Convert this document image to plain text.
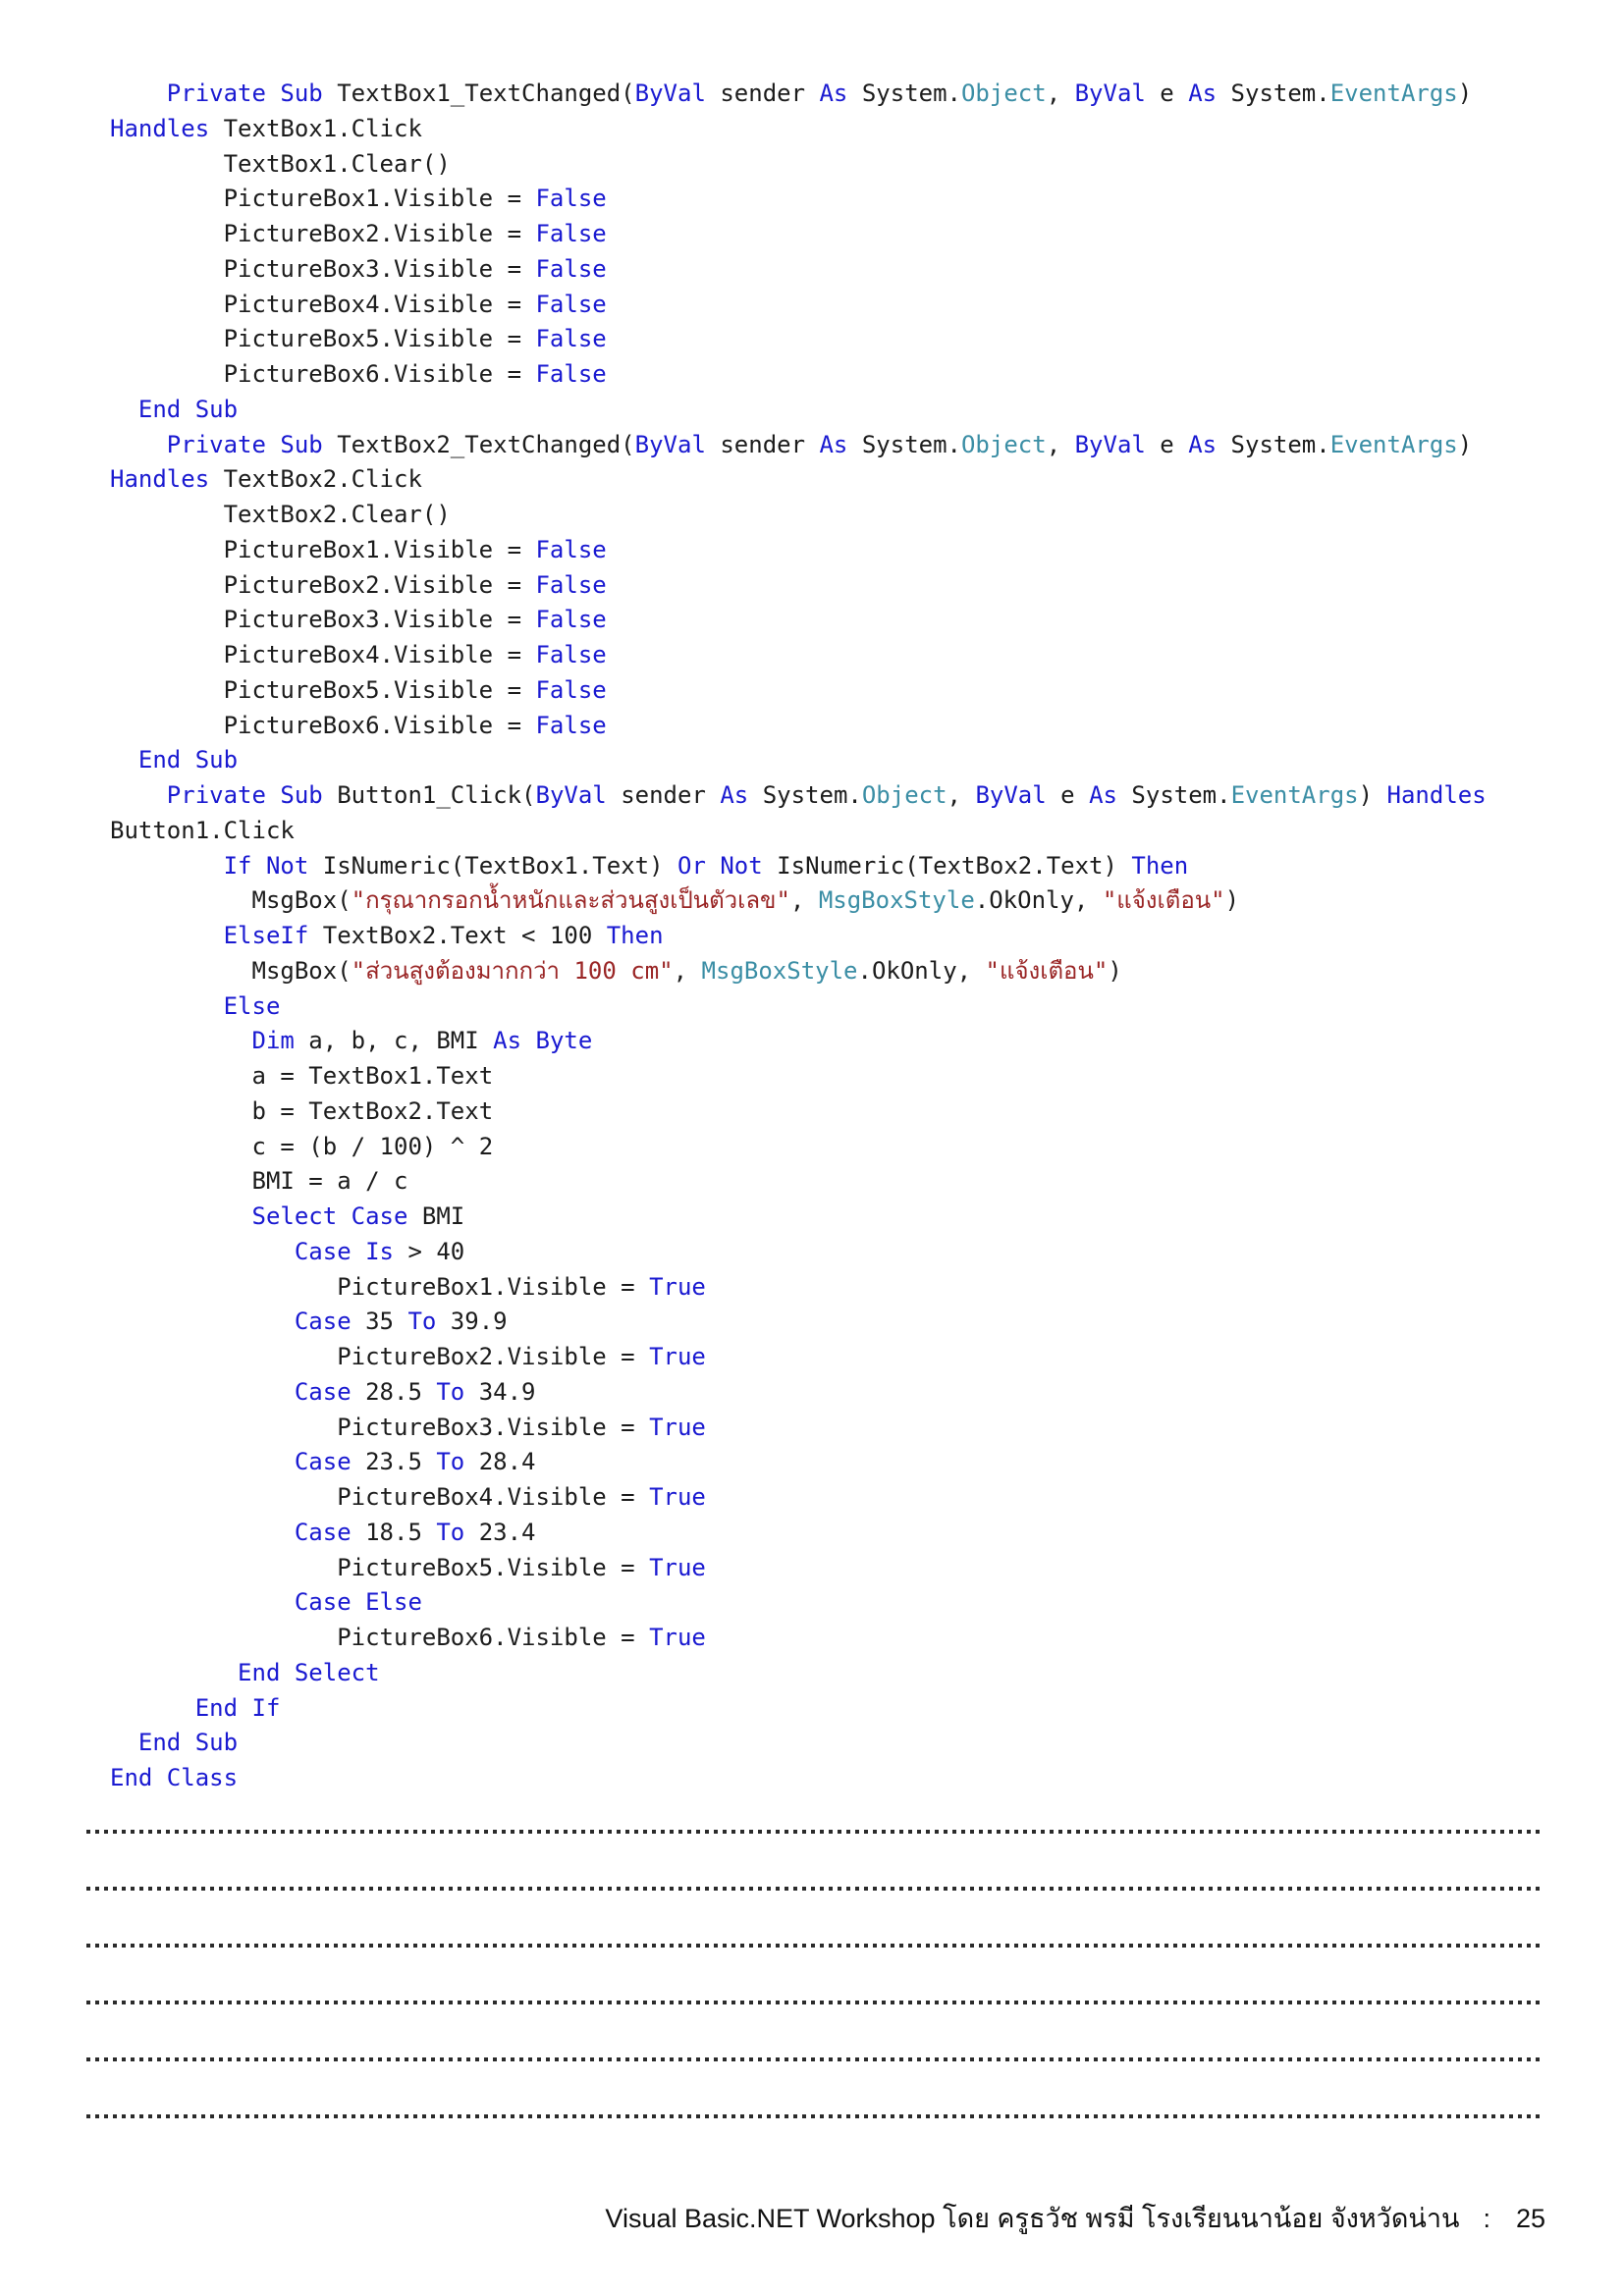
Private Sub TextBox1_TextChanged(ByVal sender As System.Object, ByVal e As System.EventArgs)
Handles TextBox1.Click
TextBox1.Clear()
PictureBox1.Visible = False
PictureBox2.Visible = False
PictureBox3.Visible = False
PictureBox4.Visible = False
PictureBox5.Visible = False
PictureBox6.Visible = False
End Sub
Private Sub TextBox2_TextChanged(ByVal sender As System.Object, ByVal e As System.EventArgs)
Handles TextBox2.Click
TextBox2.Clear()
PictureBox1.Visible = False
PictureBox2.Visible = False
PictureBox3.Visible = False
PictureBox4.Visible = False
PictureBox5.Visible = False
PictureBox6.Visible = False
End Sub
Private Sub Button1_Click(ByVal sender As System.Object, ByVal e As System.EventArgs) Handles
Button1.Click
If Not IsNumeric(TextBox1.Text) Or Not IsNumeric(TextBox2.Text) Then
MsgBox("กรุณากรอกน้ำหนักและส่วนสูงเป็นตัวเลข", MsgBoxStyle.OkOnly, "แจ้งเตือน")
ElseIf TextBox2.Text < 100 Then
MsgBox("ส่วนสูงต้องมากกว่า 100 cm", MsgBoxStyle.OkOnly, "แจ้งเตือน")
Else
Dim a, b, c, BMI As Byte
a = TextBox1.Text
b = TextBox2.Text
c = (b / 100) ^ 2
BMI = a / c
Select Case BMI
Case Is > 40
PictureBox1.Visible = True
Case 35 To 39.9
PictureBox2.Visible = True
Case 28.5 To 34.9
PictureBox3.Visible = True
Case 23.5 To 28.4
PictureBox4.Visible = True
Case 18.5 To 23.4
PictureBox5.Visible = True
Case Else
PictureBox6.Visible = True
End Select
End If
End Sub
End Class
Visual Basic.NET Workshop โดย ครูธวัช พรมี โรงเรียนนาน้อย จังหวัดน่าน : 25
